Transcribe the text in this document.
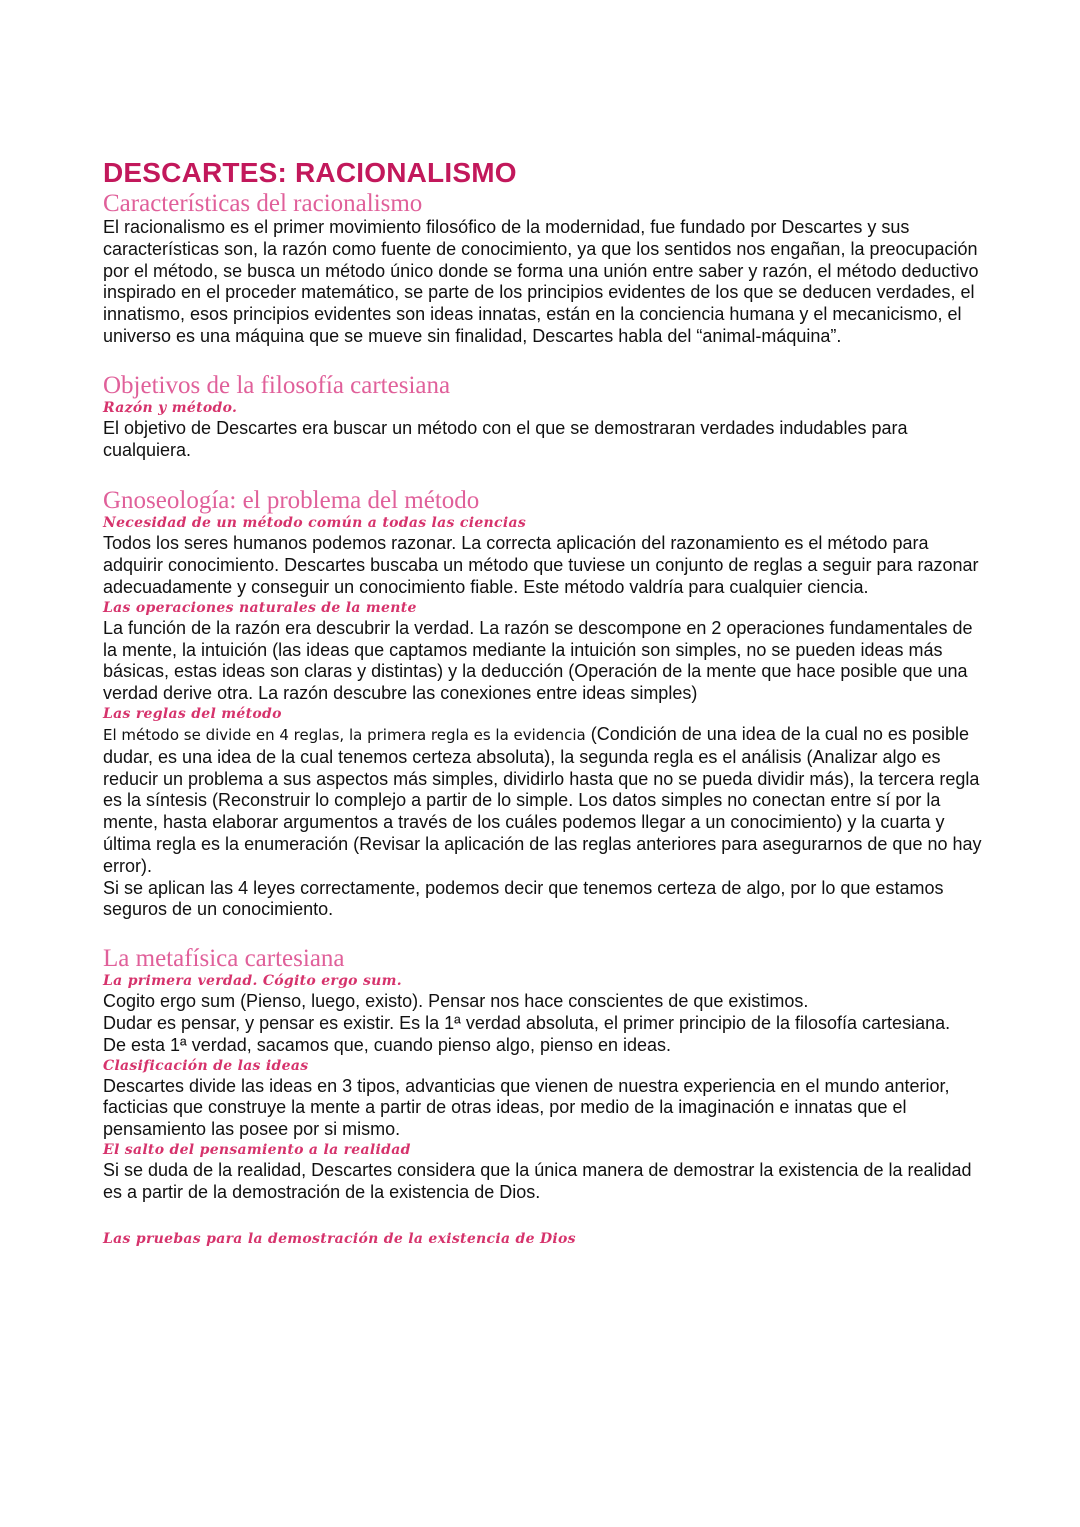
DESCARTES: RACIONALISMO
Características del racionalismo

El racionalismo es el primer movimiento filosófico de la modernidad, fue fundado por Descartes y sus características son, la razón como fuente de conocimiento, ya que los sentidos nos engañan, la preocupación por el método, se busca un método único donde se forma una unión entre saber y razón, el método deductivo inspirado en el proceder matemático, se parte de los principios evidentes de los que se deducen verdades, el innatismo, esos principios evidentes son ideas innatas, están en la conciencia humana y el mecanicismo, el universo es una máquina que se mueve sin finalidad, Descartes habla del “animal-máquina”.

Objetivos de la filosofía cartesiana
Razón y método.

El objetivo de Descartes era buscar un método con el que se demostraran verdades indudables para cualquiera.

Gnoseología: el problema del método
Necesidad de un método común a todas las ciencias

Todos los seres humanos podemos razonar. La correcta aplicación del razonamiento es el método para adquirir conocimiento. Descartes buscaba un método que tuviese un conjunto de reglas a seguir para razonar adecuadamente y conseguir un conocimiento fiable. Este método valdría para cualquier ciencia.

Las operaciones naturales de la mente

La función de la razón era descubrir la verdad. La razón se descompone en 2 operaciones fundamentales de la mente, la intuición (las ideas que captamos mediante la intuición son simples, no se pueden ideas más básicas, estas ideas son claras y distintas) y la deducción (Operación de la mente que hace posible que una verdad derive otra. La razón descubre las conexiones entre ideas simples)

Las reglas del método

El método se divide en 4 reglas, la primera regla es la evidencia (Condición de una idea de la cual no es posible dudar, es una idea de la cual tenemos certeza absoluta), la segunda regla es el análisis (Analizar algo es reducir un problema a sus aspectos más simples, dividirlo hasta que no se pueda dividir más), la tercera regla es la síntesis (Reconstruir lo complejo a partir de lo simple. Los datos simples no conectan entre sí por la mente, hasta elaborar argumentos a través de los cuáles podemos llegar a un conocimiento) y la cuarta y última regla es la enumeración (Revisar la aplicación de las reglas anteriores para asegurarnos de que no hay error).

Si se aplican las 4 leyes correctamente, podemos decir que tenemos certeza de algo, por lo que estamos seguros de un conocimiento.

La metafísica cartesiana
La primera verdad. Cógito ergo sum.

Cogito ergo sum (Pienso, luego, existo). Pensar nos hace conscientes de que existimos.

Dudar es pensar, y pensar es existir. Es la 1ª verdad absoluta, el primer principio de la filosofía cartesiana.

De esta 1ª verdad, sacamos que, cuando pienso algo, pienso en ideas.

Clasificación de las ideas

Descartes divide las ideas en 3 tipos, advanticias que vienen de nuestra experiencia en el mundo anterior, facticias que construye la mente a partir de otras ideas, por medio de la imaginación e innatas que el pensamiento las posee por si mismo.

El salto del pensamiento a la realidad

Si se duda de la realidad, Descartes considera que la única manera de demostrar la existencia de la realidad es a partir de la demostración de la existencia de Dios.

Las pruebas para la demostración de la existencia de Dios
